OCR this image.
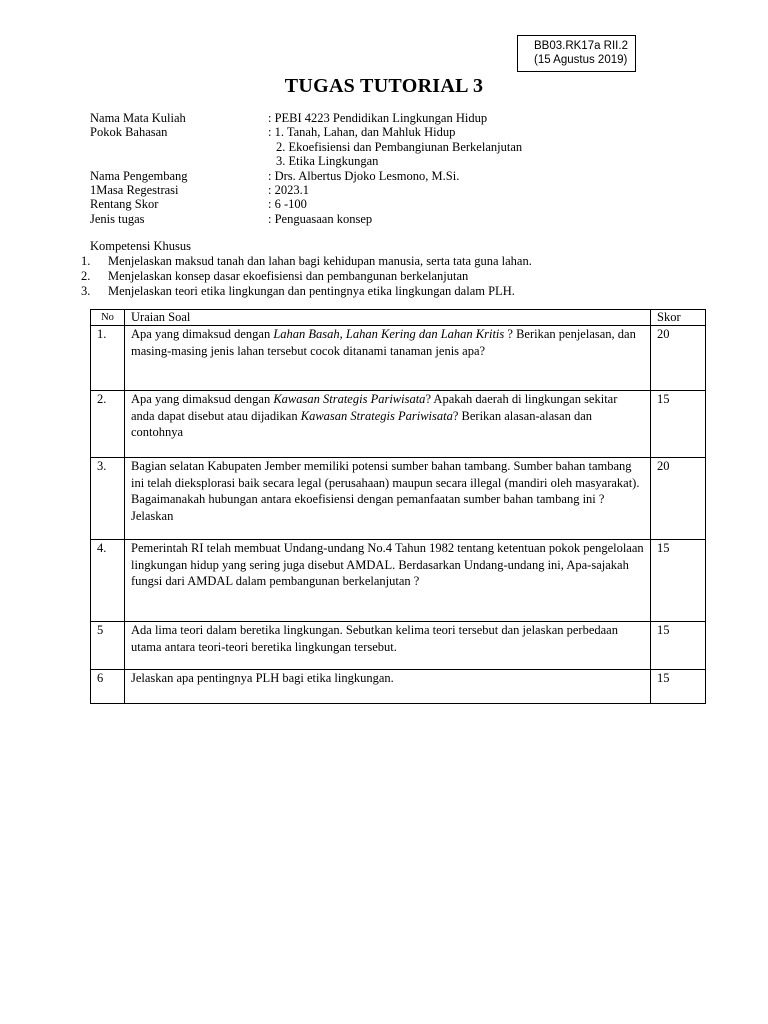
BB03.RK17a RII.2
(15 Agustus 2019)
TUGAS TUTORIAL 3
Nama Mata Kuliah	: PEBI 4223 Pendidikan Lingkungan Hidup
Pokok Bahasan	: 1. Tanah, Lahan, dan Mahluk Hidup
2. Ekoefisiensi dan Pembangiunan Berkelanjutan
3. Etika Lingkungan
Nama Pengembang	: Drs. Albertus Djoko Lesmono, M.Si.
1Masa Regestrasi	: 2023.1
Rentang Skor	: 6 -100
Jenis tugas	: Penguasaan konsep
Kompetensi Khusus
1.	Menjelaskan maksud tanah dan lahan bagi kehidupan manusia, serta tata guna lahan.
2.	Menjelaskan konsep dasar ekoefisiensi dan pembangunan berkelanjutan
3.	Menjelaskan teori etika lingkungan dan pentingnya etika lingkungan dalam PLH.
No	Uraian Soal	Skor
1.	Apa yang dimaksud dengan Lahan Basah, Lahan Kering dan Lahan Kritis ? Berikan penjelasan, dan masing-masing jenis lahan tersebut cocok ditanami tanaman jenis apa?	20
2.	Apa yang dimaksud dengan Kawasan Strategis Pariwisata? Apakah daerah di lingkungan sekitar anda dapat disebut atau dijadikan Kawasan Strategis Pariwisata? Berikan alasan-alasan dan contohnya	15
3.	Bagian selatan Kabupaten Jember memiliki potensi sumber bahan tambang. Sumber bahan tambang ini telah dieksplorasi baik secara legal (perusahaan) maupun secara illegal (mandiri oleh masyarakat). Bagaimanakah hubungan antara ekoefisiensi dengan pemanfaatan sumber bahan tambang ini ? Jelaskan	20
4.	Pemerintah RI telah membuat Undang-undang No.4 Tahun 1982 tentang ketentuan pokok pengelolaan lingkungan hidup yang sering juga disebut AMDAL. Berdasarkan Undang-undang ini, Apa-sajakah fungsi dari AMDAL dalam pembangunan berkelanjutan ?	15
5	Ada lima teori dalam beretika lingkungan. Sebutkan kelima teori tersebut dan jelaskan perbedaan utama antara teori-teori beretika lingkungan tersebut.	15
6	Jelaskan apa pentingnya PLH bagi etika lingkungan.	15
